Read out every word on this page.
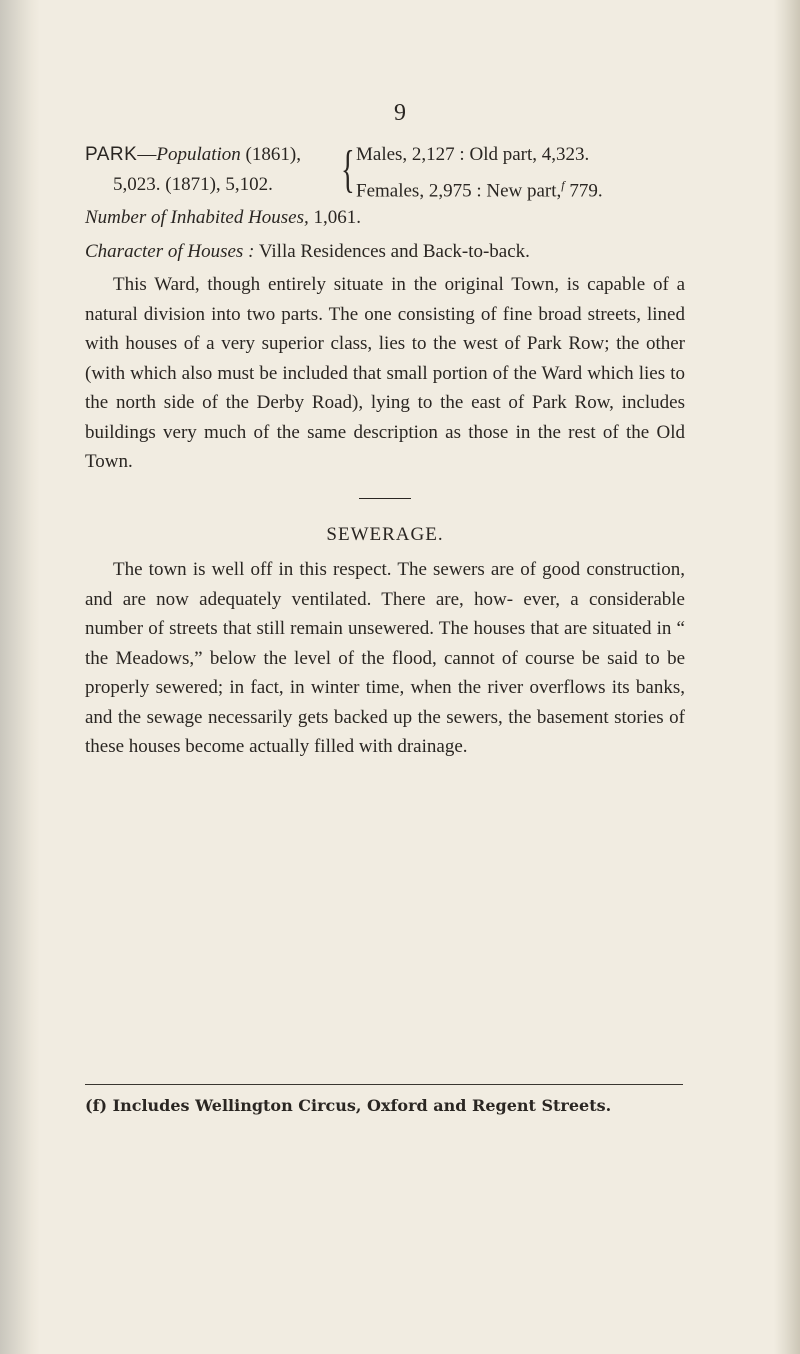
9
PARK—Population (1861),
5,023. (1871), 5,102.	{ Males, 2,127 : Old part, 4,323.
Females, 2,975 : New part,$^f$ 779.

Number of Inhabited Houses, 1,061.

Character of Houses : Villa Residences and Back-to-back.

This Ward, though entirely situate in the original Town, is capable of a natural division into two parts. The one consisting of fine broad streets, lined with houses of a very superior class, lies to the west of Park Row; the other (with which also must be included that small portion of the Ward which lies to the north side of the Derby Road), lying to the east of Park Row, includes buildings very much of the same description as those in the rest of the Old Town.

SEWERAGE.

The town is well off in this respect. The sewers are of good construction, and are now adequately ventilated. There are, how- ever, a considerable number of streets that still remain unsewered. The houses that are situated in “ the Meadows,” below the level of the flood, cannot of course be said to be properly sewered; in fact, in winter time, when the river overflows its banks, and the sewage necessarily gets backed up the sewers, the basement stories of these houses become actually filled with drainage.

(f) Includes Wellington Circus, Oxford and Regent Streets.
